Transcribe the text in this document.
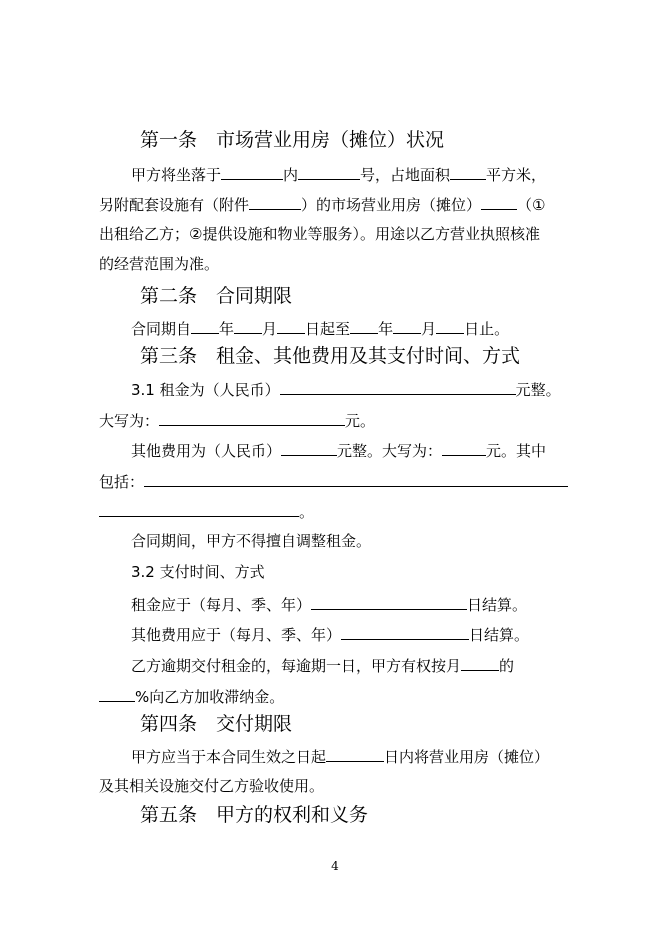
第一条　市场营业用房（摊位）状况
甲方将坐落于	内	号，占地面积 平方米，
另附配套设施有（附件	）的市场营业用房（摊位） （①
出租给乙方；②提供设施和物业等服务）。用途以乙方营业执照核准
的经营范围为准。
第二条　合同期限
合同期自 年 月 日起至 年 月 日止。
第三条　租金、其他费用及其支付时间、方式
3.1 租金为（人民币）	元整。
大写为：	元。
其他费用为（人民币）	元整。大写为：	元。其中
包括：
。
合同期间，甲方不得擅自调整租金。
3.2 支付时间、方式
租金应于（每月、季、年）	日结算。
其他费用应于（每月、季、年）	日结算。
乙方逾期交付租金的，每逾期一日，甲方有权按月	的
%向乙方加收滞纳金。
第四条　交付期限
甲方应当于本合同生效之日起	日内将营业用房（摊位）
及其相关设施交付乙方验收使用。
第五条　甲方的权利和义务
4
